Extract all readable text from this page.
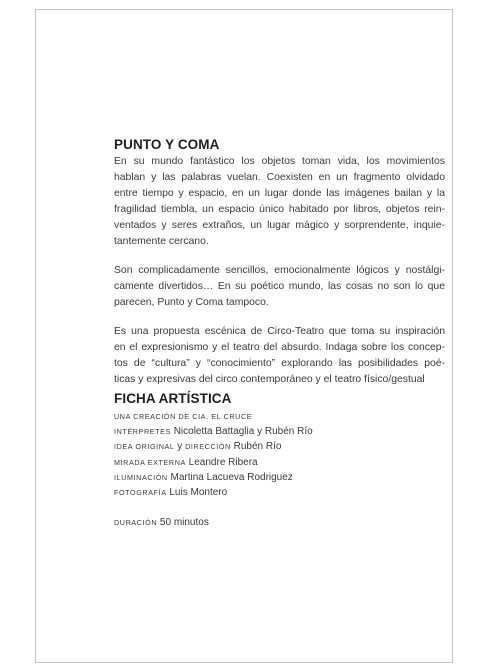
PUNTO Y COMA
En su mundo fantástico los objetos toman vida, los movimientos
hablan y las palabras vuelan. Coexisten en un fragmento olvidado
entre tiempo y espacio, en un lugar donde las imágenes bailan y la
fragilidad tiembla, un espacio único habitado por libros, objetos rein-
ventados y seres extraños, un lugar mágico y sorprendente, inquie-
tantemente cercano.
Son complicadamente sencillos, emocionalmente lógicos y nostálgi-
camente divertidos… En su poético mundo, las cosas no son lo que
parecen, Punto y Coma tampoco.
Es una propuesta escénica de Circo-Teatro que toma su inspiración
en el expresionismo y el teatro del absurdo. Indaga sobre los concep-
tos de “cultura” y “conocimiento” explorando las posibilidades poé-
ticas y expresivas del circo contemporáneo y el teatro físico/gestual
FICHA ARTÍSTICA
UNA CREACIÓN DE CIA. EL CRUCE
INTÉRPRETES Nicoletta Battaglia y Rubén Río
IDEA ORIGINAL y DIRECCIÓN Rubén Río
MIRADA EXTERNA Leandre Ribera
ILUMINACIÓN Martina Lacueva Rodriguez
FOTOGRAFÍA Luis Montero
DURACIÓN 50 minutos
